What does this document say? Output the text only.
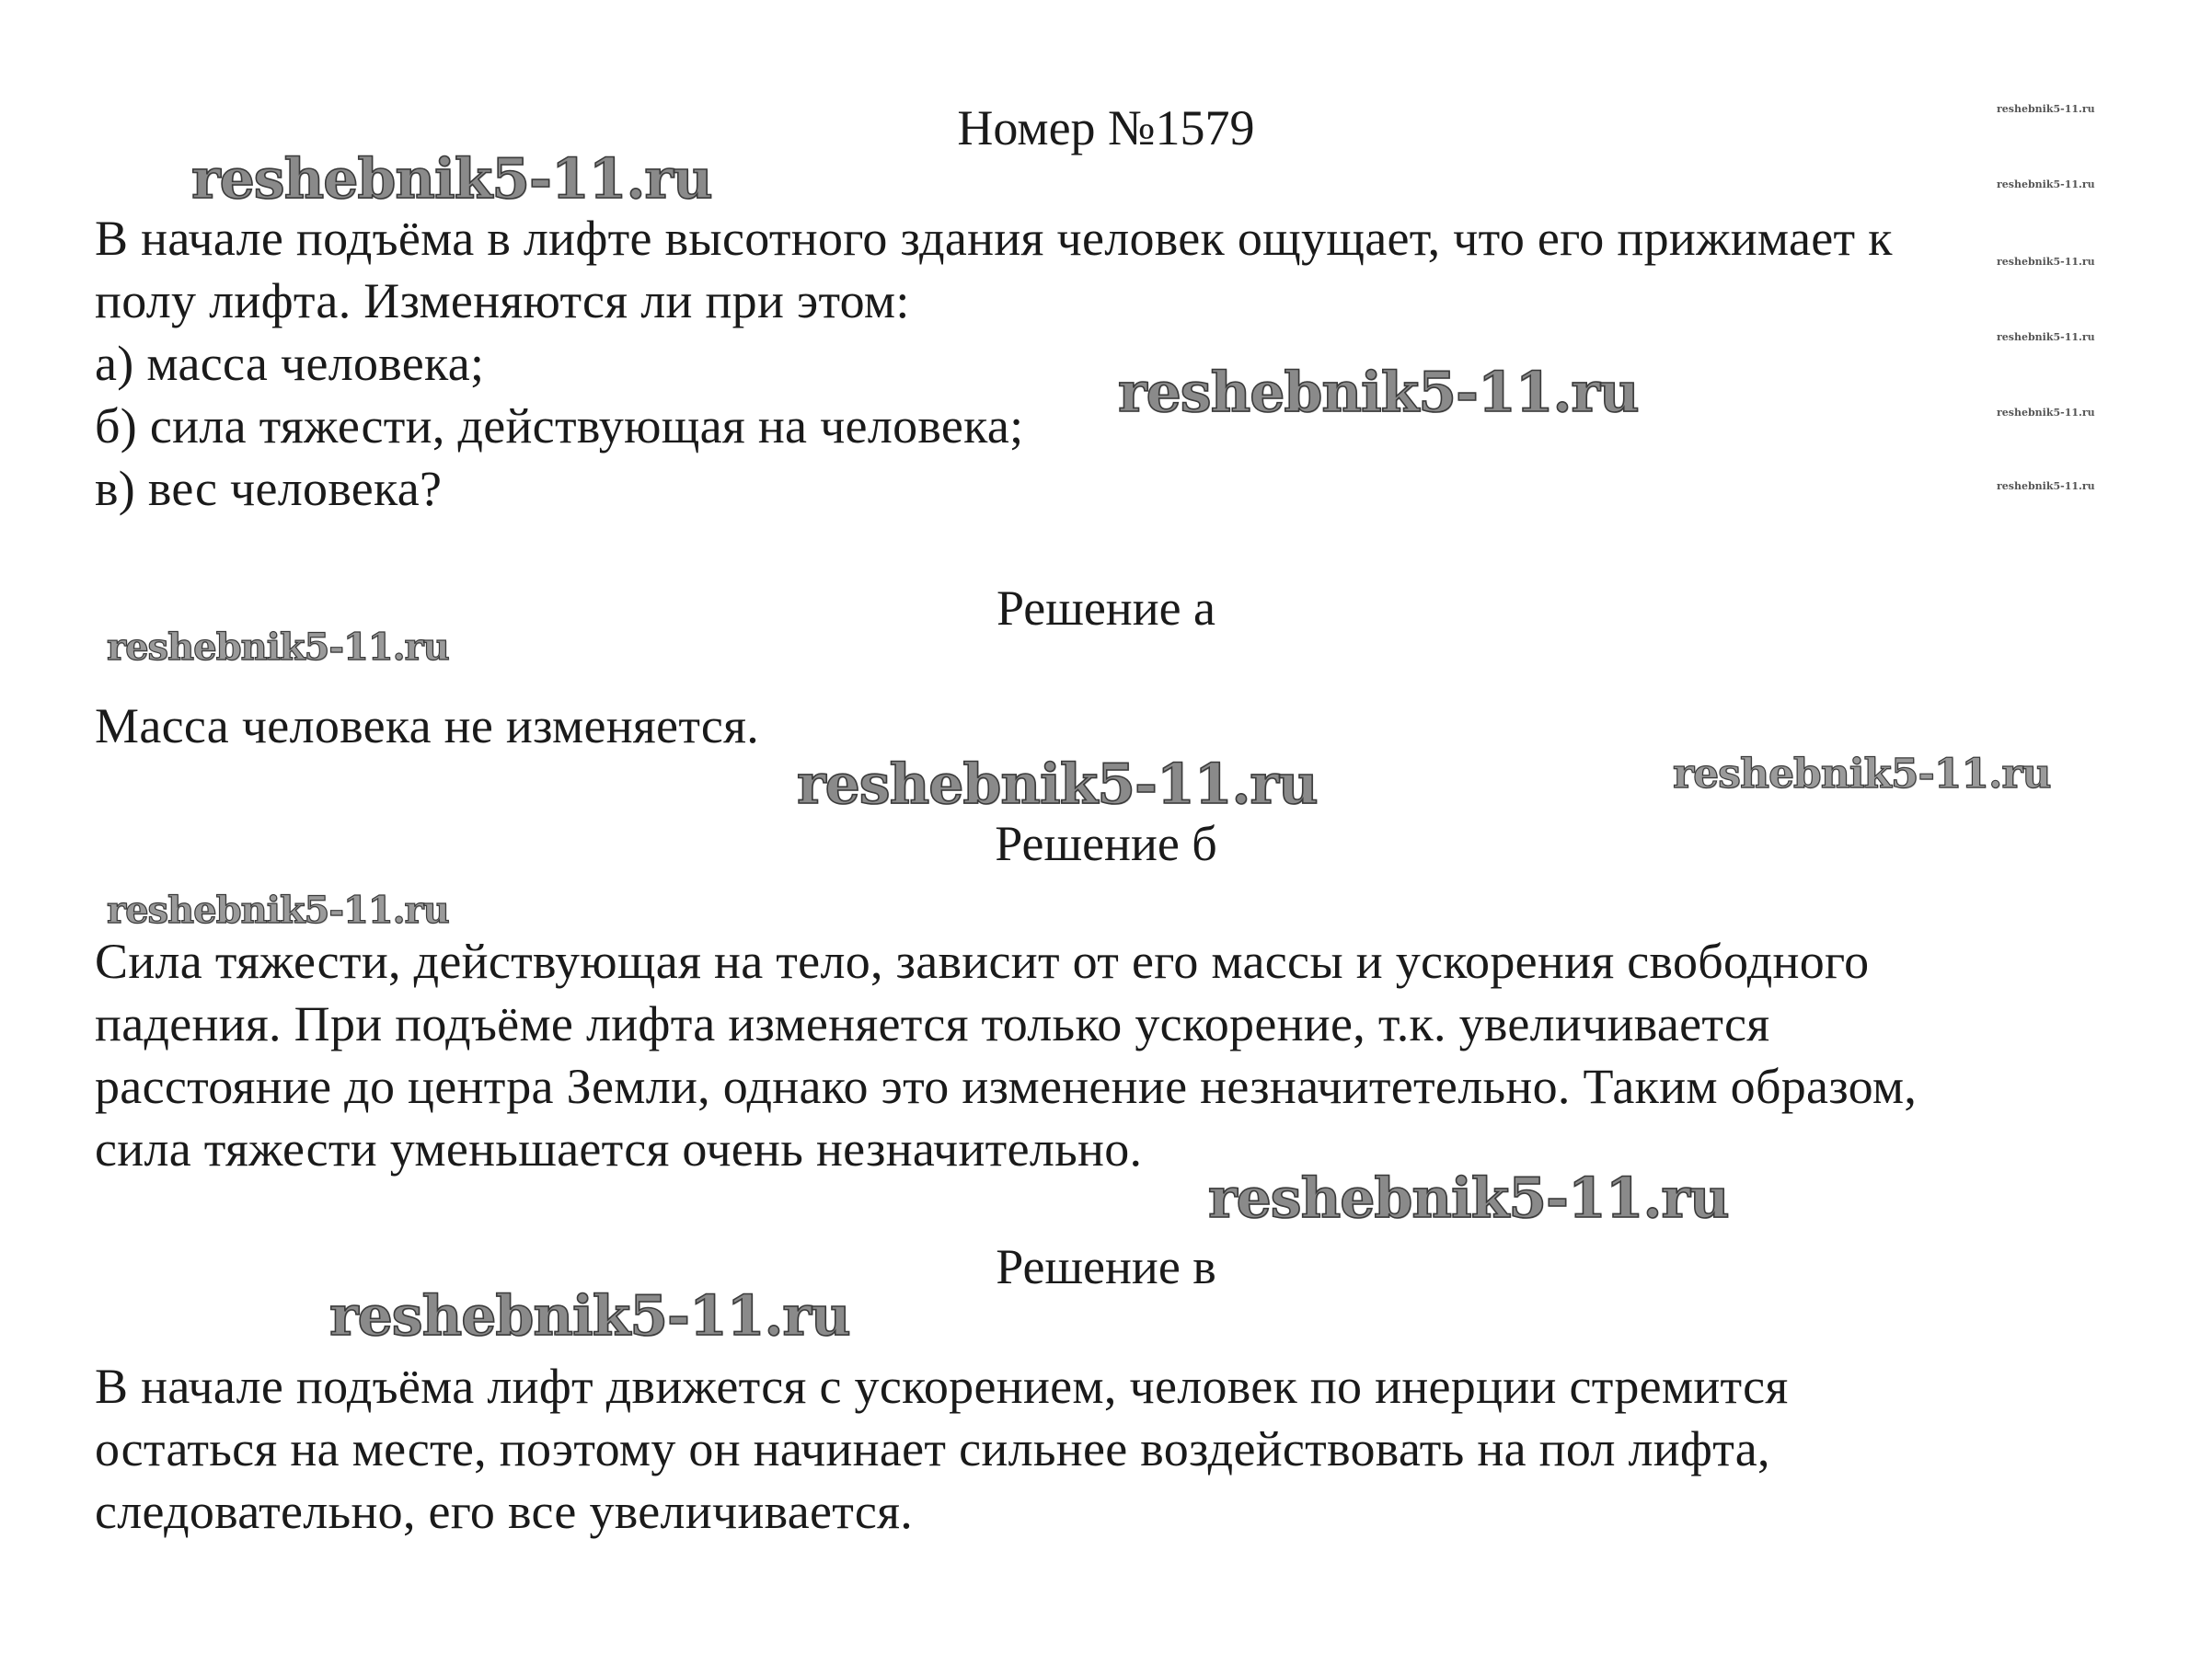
Номер №1579
В начале подъёма в лифте высотного здания человек ощущает, что его прижимает к
полу лифта. Изменяются ли при этом:
а) масса человека;
б) сила тяжести, действующая на человека;
в) вес человека?
Решение а
Масса человека не изменяется.
Решение б
Сила тяжести, действующая на тело, зависит от его массы и ускорения свободного
падения. При подъёме лифта изменяется только ускорение, т.к. увеличивается
расстояние до центра Земли, однако это изменение незначитетельно. Таким образом,
сила тяжести уменьшается очень незначительно.
Решение в
В начале подъёма лифт движется с ускорением, человек по инерции стремится
остаться на месте, поэтому он начинает сильнее воздействовать на пол лифта,
следовательно, его все увеличивается.
reshebnik5-11.ru
reshebnik5-11.ru
reshebnik5-11.ru
reshebnik5-11.ru	reshebnik5-11.ru
reshebnik5-11.ru
reshebnik5-11.ru
reshebnik5-11.ru
reshebnik5-11.ru
reshebnik5-11.ru
reshebnik5-11.ru
reshebnik5-11.ru
reshebnik5-11.ru
reshebnik5-11.ru
